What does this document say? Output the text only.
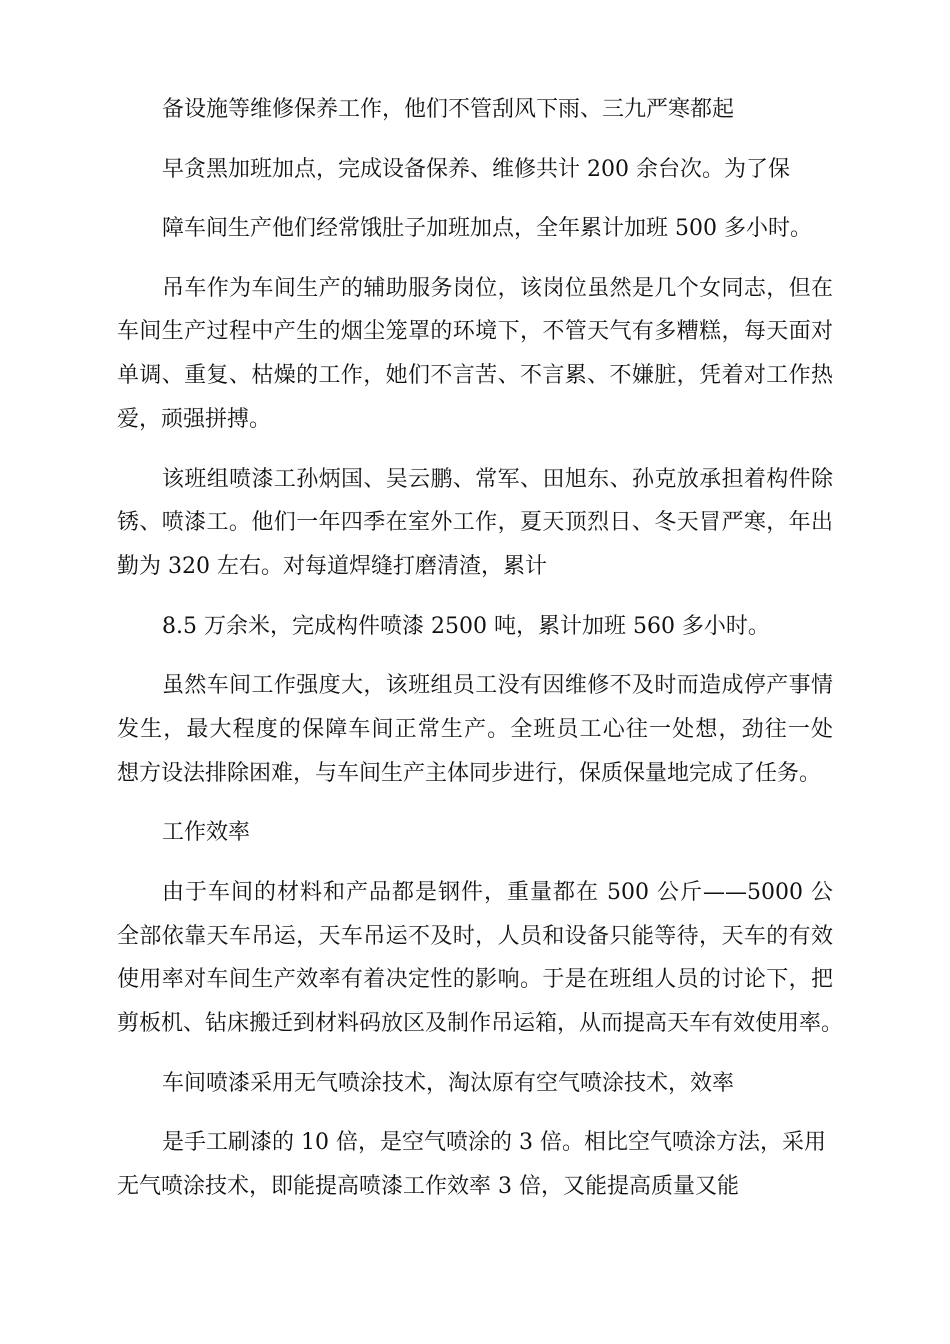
备设施等维修保养工作，他们不管刮风下雨、三九严寒都起
早贪黑加班加点，完成设备保养、维修共计 200 余台次。为了保
障车间生产他们经常饿肚子加班加点，全年累计加班 500 多小时。
吊车作为车间生产的辅助服务岗位，该岗位虽然是几个女同志，但在
车间生产过程中产生的烟尘笼罩的环境下，不管天气有多糟糕，每天面对
单调、重复、枯燥的工作，她们不言苦、不言累、不嫌脏，凭着对工作热
爱，顽强拼搏。
该班组喷漆工孙炳国、吴云鹏、常军、田旭东、孙克放承担着构件除
锈、喷漆工。他们一年四季在室外工作，夏天顶烈日、冬天冒严寒，年出
勤为 320 左右。对每道焊缝打磨清渣，累计
8.5 万余米，完成构件喷漆 2500 吨，累计加班 560 多小时。
虽然车间工作强度大，该班组员工没有因维修不及时而造成停产事情
发生，最大程度的保障车间正常生产。全班员工心往一处想，劲往一处
想方设法排除困难，与车间生产主体同步进行，保质保量地完成了任务。
工作效率
由于车间的材料和产品都是钢件，重量都在 500 公斤——5000 公
全部依靠天车吊运，天车吊运不及时，人员和设备只能等待，天车的有效
使用率对车间生产效率有着决定性的影响。于是在班组人员的讨论下，把
剪板机、钻床搬迁到材料码放区及制作吊运箱，从而提高天车有效使用率。
车间喷漆采用无气喷涂技术，淘汰原有空气喷涂技术，效率
是手工刷漆的 10 倍，是空气喷涂的 3 倍。相比空气喷涂方法，采用
无气喷涂技术，即能提高喷漆工作效率 3 倍，又能提高质量又能
